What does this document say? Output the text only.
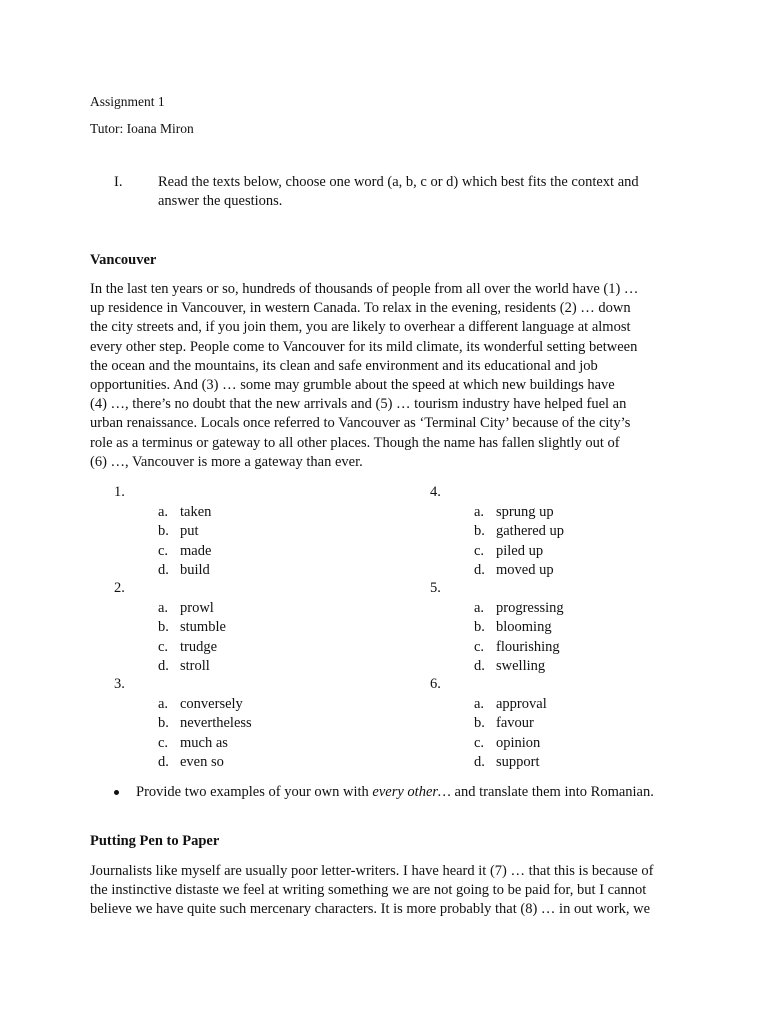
Assignment 1
Tutor: Ioana Miron
I. Read the texts below, choose one word (a, b, c or d) which best fits the context and
answer the questions.
Vancouver
In the last ten years or so, hundreds of thousands of people from all over the world have (1) …
up residence in Vancouver, in western Canada. To relax in the evening, residents (2) … down
the city streets and, if you join them, you are likely to overhear a different language at almost
every other step. People come to Vancouver for its mild climate, its wonderful setting between
the ocean and the mountains, its clean and safe environment and its educational and job
opportunities. And (3) … some may grumble about the speed at which new buildings have
(4) …, there’s no doubt that the new arrivals and (5) … tourism industry have helped fuel an
urban renaissance. Locals once referred to Vancouver as ‘Terminal City’ because of the city’s
role as a terminus or gateway to all other places. Though the name has fallen slightly out of
(6) …, Vancouver is more a gateway than ever.
1.
a. taken
b. put
c. made
d. build
2.
a. prowl
b. stumble
c. trudge
d. stroll
3.
a. conversely
b. nevertheless
c. much as
d. even so
4.
a. sprung up
b. gathered up
c. piled up
d. moved up
5.
a. progressing
b. blooming
c. flourishing
d. swelling
6.
a. approval
b. favour
c. opinion
d. support
Provide two examples of your own with every other… and translate them into Romanian.
Putting Pen to Paper
Journalists like myself are usually poor letter-writers. I have heard it (7) … that this is because of
the instinctive distaste we feel at writing something we are not going to be paid for, but I cannot
believe we have quite such mercenary characters. It is more probably that (8) … in out work, we
